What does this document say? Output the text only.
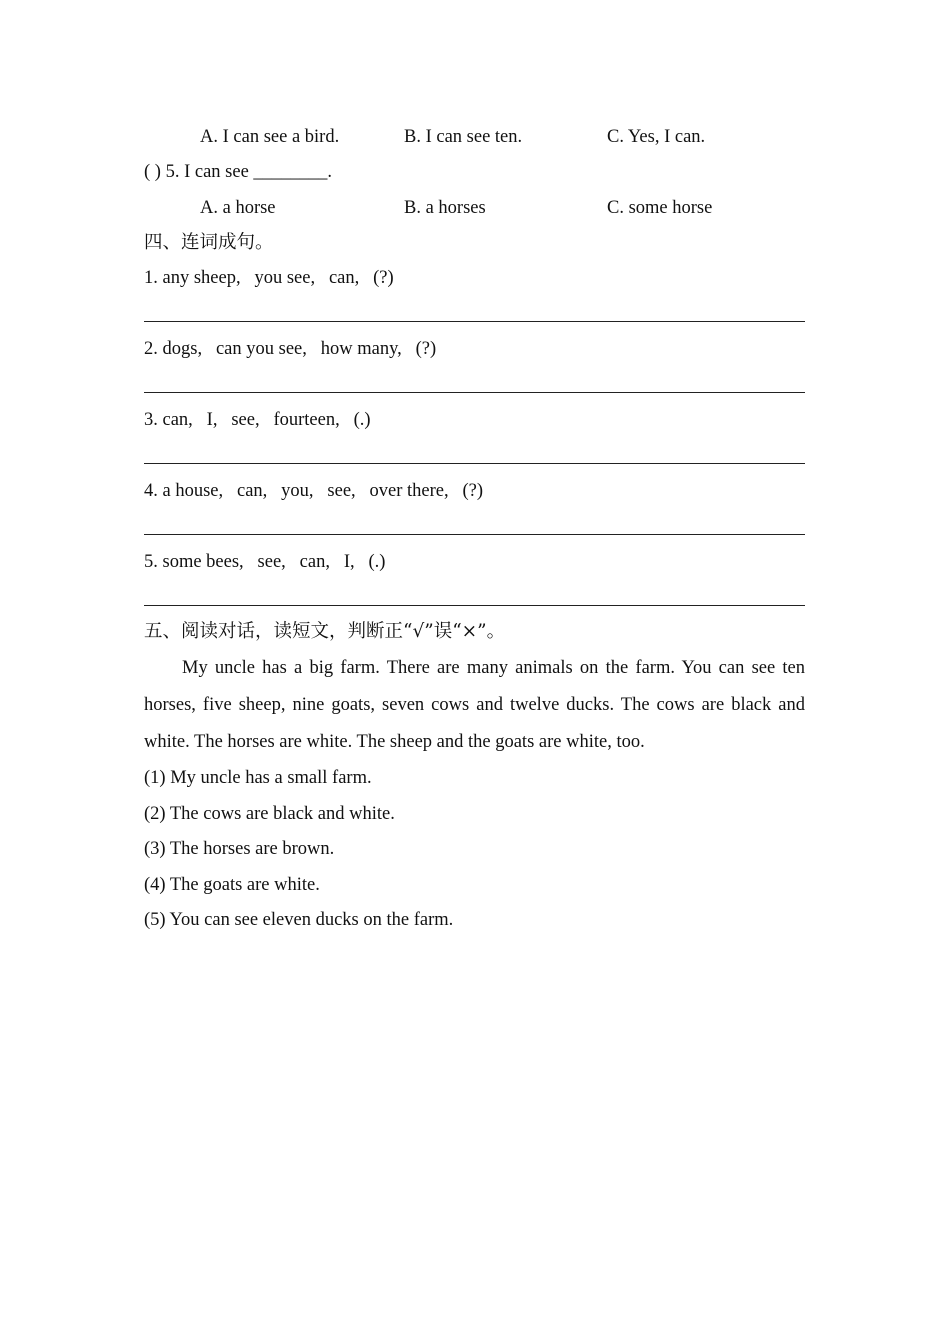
A. I can see a bird.	B. I can see ten.	C. Yes, I can.
( ) 5. I can see ________.
A. a horse	B. a horses	C. some horse
四、连词成句。
1. any sheep,   you see,   can,   (?)
2. dogs,   can you see,   how many,   (?)
3. can,   I,   see,   fourteen,   (.)
4. a house,   can,   you,   see,   over there,   (?)
5. some bees,   see,   can,   I,   (.)
五、阅读对话，读短文，判断正“√”误“×”。
My uncle has a big farm. There are many animals on the farm. You can see ten horses, five sheep, nine goats, seven cows and twelve ducks. The cows are black and white. The horses are white. The sheep and the goats are white, too.
(1) My uncle has a small farm.
(2) The cows are black and white.
(3) The horses are brown.
(4) The goats are white.
(5) You can see eleven ducks on the farm.
